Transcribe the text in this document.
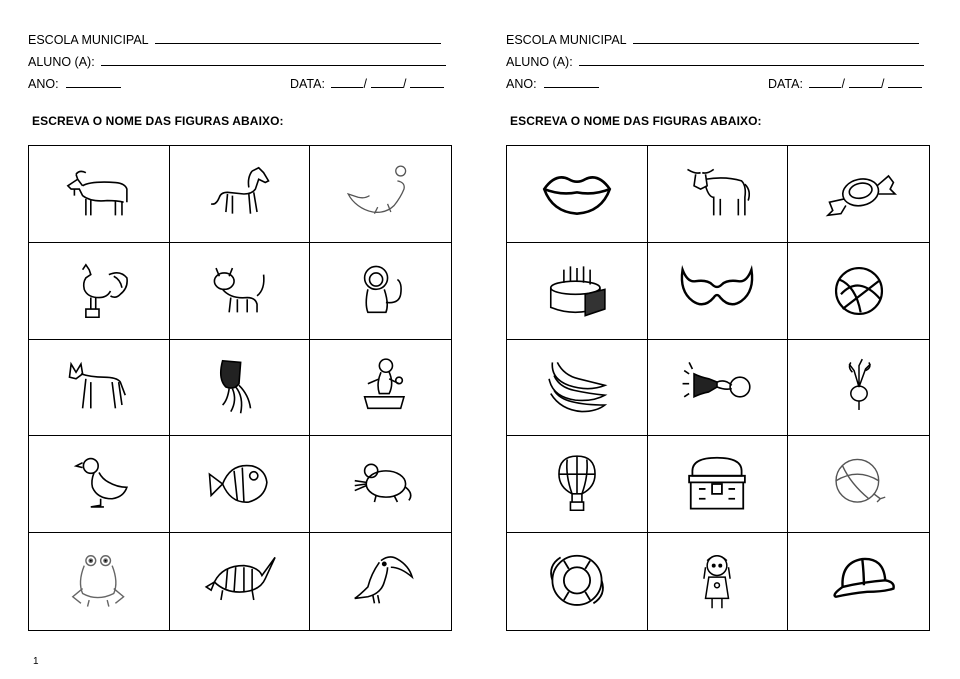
ESCOLA MUNICIPAL
ALUNO (A):
ANO:	DATA:	/	/
ESCREVA O NOME DAS FIGURAS ABAIXO:
ESCOLA MUNICIPAL
ALUNO (A):
ANO:	DATA:	/	/
ESCREVA O NOME DAS FIGURAS ABAIXO:
1
